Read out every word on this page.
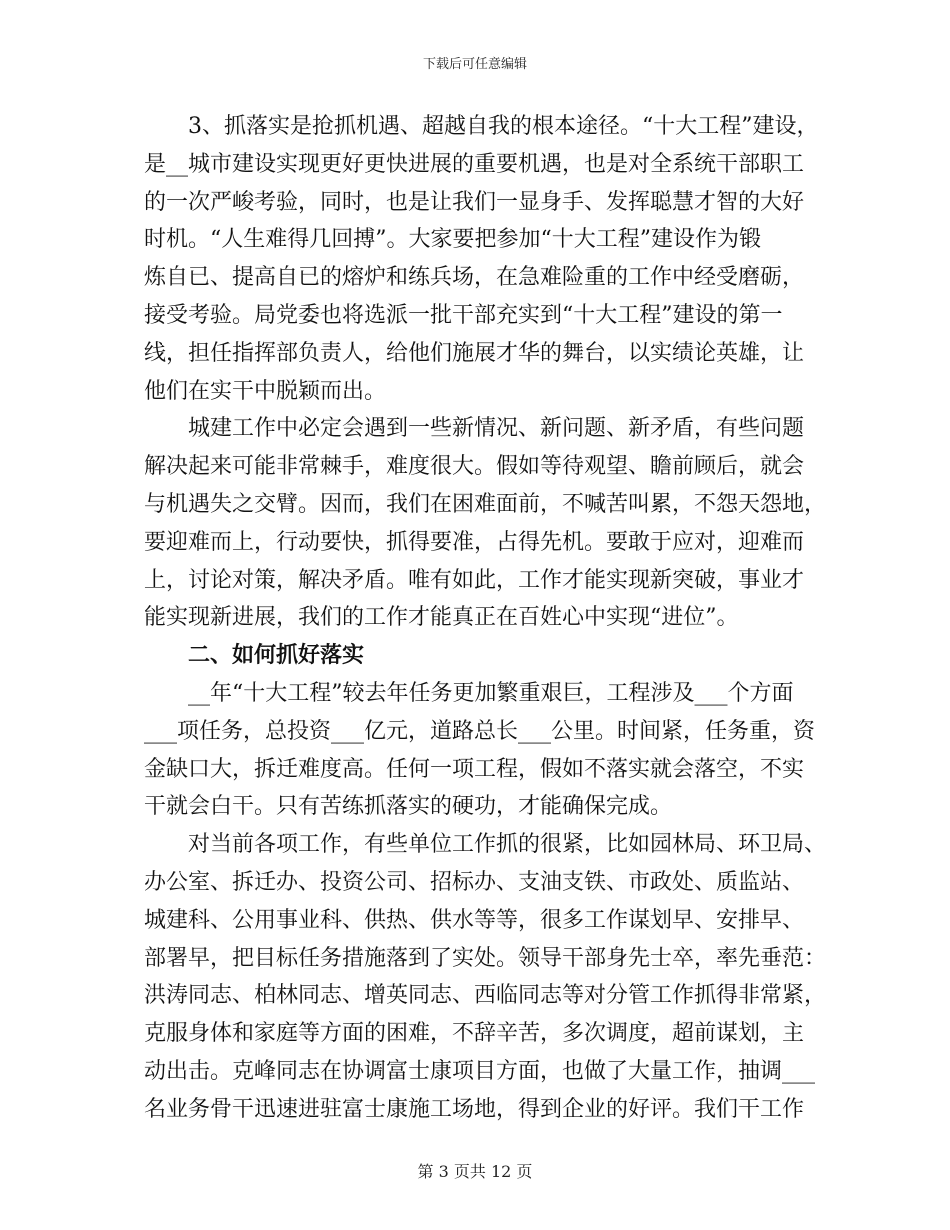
下载后可任意编辑
3、抓落实是抢抓机遇、超越自我的根本途径。“十大工程”建设，
是__城市建设实现更好更快进展的重要机遇，也是对全系统干部职工
的一次严峻考验，同时，也是让我们一显身手、发挥聪慧才智的大好
时机。“人生难得几回搏”。大家要把参加“十大工程”建设作为锻
炼自已、提高自已的熔炉和练兵场，在急难险重的工作中经受磨砺，
接受考验。局党委也将选派一批干部充实到“十大工程”建设的第一
线，担任指挥部负责人，给他们施展才华的舞台，以实绩论英雄，让
他们在实干中脱颖而出。
城建工作中必定会遇到一些新情况、新问题、新矛盾，有些问题
解决起来可能非常棘手，难度很大。假如等待观望、瞻前顾后，就会
与机遇失之交臂。因而，我们在困难面前，不喊苦叫累，不怨天怨地，
要迎难而上，行动要快，抓得要准，占得先机。要敢于应对，迎难而
上，讨论对策，解决矛盾。唯有如此，工作才能实现新突破，事业才
能实现新进展，我们的工作才能真正在百姓心中实现“进位”。
二、如何抓好落实
__年“十大工程”较去年任务更加繁重艰巨，工程涉及___个方面
___项任务，总投资___亿元，道路总长___公里。时间紧，任务重，资
金缺口大，拆迁难度高。任何一项工程，假如不落实就会落空，不实
干就会白干。只有苦练抓落实的硬功，才能确保完成。
对当前各项工作，有些单位工作抓的很紧，比如园林局、环卫局、
办公室、拆迁办、投资公司、招标办、支油支铁、市政处、质监站、
城建科、公用事业科、供热、供水等等，很多工作谋划早、安排早、
部署早，把目标任务措施落到了实处。领导干部身先士卒，率先垂范：
洪涛同志、柏林同志、增英同志、西临同志等对分管工作抓得非常紧，
克服身体和家庭等方面的困难，不辞辛苦，多次调度，超前谋划，主
动出击。克峰同志在协调富士康项目方面，也做了大量工作，抽调___
名业务骨干迅速进驻富士康施工场地，得到企业的好评。我们干工作
第 3 页共 12 页
